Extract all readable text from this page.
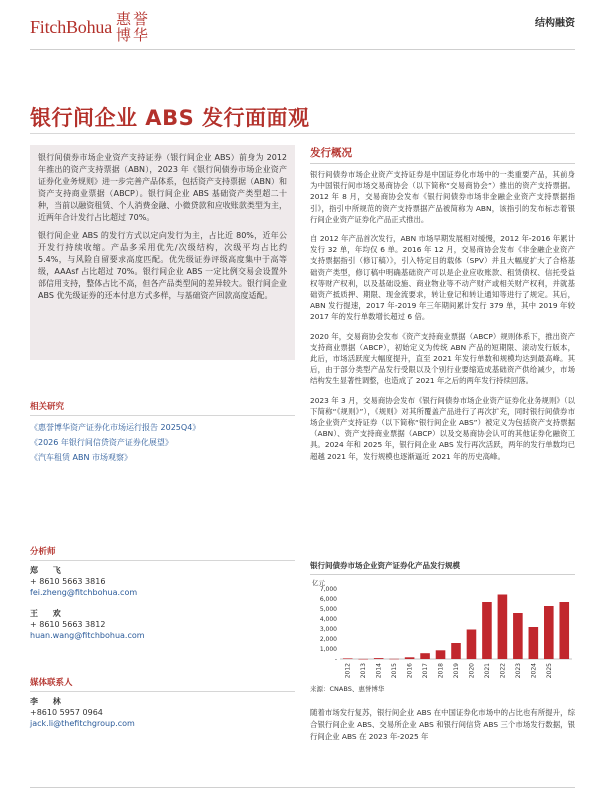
FitchBohua 惠誉
博华
结构融资
银行间企业 ABS 发行面面观

银行间债券市场企业资产支持证券（银行间企业 ABS）前身为 2012 年推出的资产支持票据（ABN），2023 年《银行间债券市场企业资产证券化业务规则》进一步完善产品体系，包括资产支持票据（ABN）和资产支持商业票据（ABCP）。银行间企业 ABS 基础资产类型超二十种，当前以融资租赁、个人消费金融、小微贷款和应收账款类型为主，近两年合计发行占比超过 70%。

银行间企业 ABS 的发行方式以定向发行为主，占比近 80%，近年公开发行持续收缩。产品多采用优先/次级结构，次级平均占比约 5.4%，与风险自留要求高度匹配。优先级证券评级高度集中于高等级，AAAsf 占比超过 70%。银行间企业 ABS 一定比例交易会设置外部信用支持，整体占比不高，但各产品类型间的差异较大。银行间企业 ABS 优先级证券的还本付息方式多样，与基础资产回款高度适配。

相关研究
《惠誉博华资产证券化市场运行报告 2025Q4》
《2026 年银行间信贷资产证券化展望》
《汽车租赁 ABN 市场观察》
分析师
郑 飞
+ 8610 5663 3816
fei.zheng@fitchbohua.com
王 欢
+ 8610 5663 3812
huan.wang@fitchbohua.com
媒体联系人
李 林
+8610 5957 0964
jack.li@thefitchgroup.com
发行概况

银行间债券市场企业资产支持证券是中国证券化市场中的一类重要产品，其前身为中国银行间市场交易商协会（以下简称“交易商协会”）推出的资产支持票据。2012 年 8 月，交易商协会发布《银行间债券市场非金融企业资产支持票据指引》，指引中所规范的资产支持票据产品被简称为 ABN，该指引的发布标志着银行间企业资产证券化产品正式推出。

自 2012 年产品首次发行，ABN 市场早期发展相对缓慢，2012 年-2016 年累计发行 32 单，年均仅 6 单。2016 年 12 月，交易商协会发布《非金融企业资产支持票据指引（修订稿）》，引入特定目的载体（SPV）并且大幅度扩大了合格基础资产类型，修订稿中明确基础资产可以是企业应收账款、租赁债权、信托受益权等财产权利，以及基础设施、商业物业等不动产财产或相关财产权利，并就基础资产抵质押、期限、现金流要求，转让登记和转让通知等进行了规定。其后，ABN 发行提速，2017 年-2019 年三年期间累计发行 379 单，其中 2019 年较 2017 年的发行单数增长超过 6 倍。

2020 年，交易商协会发布《资产支持商业票据（ABCP）规则体系下，推出资产支持商业票据（ABCP），初始定义为传统 ABN 产品的短期限、滚动发行版本，此后，市场活跃度大幅度提升，直至 2021 年发行单数和规模均达到最高峰。其后，由于部分类型产品发行受限以及个别行业要缩造成基础资产供给减少，市场结构发生显著性调整，也造成了 2021 年之后的两年发行持续回落。

2023 年 3 月，交易商协会发布《银行间债券市场企业资产证券化业务规则》（以下简称“《规则》”），《规则》对其所覆盖产品进行了再次扩充，同时银行间债券市场企业资产支持证券（以下简称“银行间企业 ABS”）被定义为包括资产支持票据（ABN）、资产支持商业票据（ABCP）以及交易商协会认可的其他证券化融资工具。2024 年和 2025 年，银行间企业 ABS 发行再次活跃，两年的发行单数均已超越 2021 年，发行规模也逐渐逼近 2021 年的历史高峰。

银行间债券市场企业资产证券化产品发行规模
亿元
-
1,000
2,000
3,000
4,000
5,000
6,000
7,000
2012 2013 2014 2015 2016 2017 2018 2019 2020 2021 2022 2023 2024 2025
来源：CNABS、惠誉博华

随着市场发行复苏，银行间企业 ABS 在中国证券化市场中的占比也有所提升，综合银行间企业 ABS、交易所企业 ABS 和银行间信贷 ABS 三个市场发行数据，银行间企业 ABS 在 2023 年-2025 年
